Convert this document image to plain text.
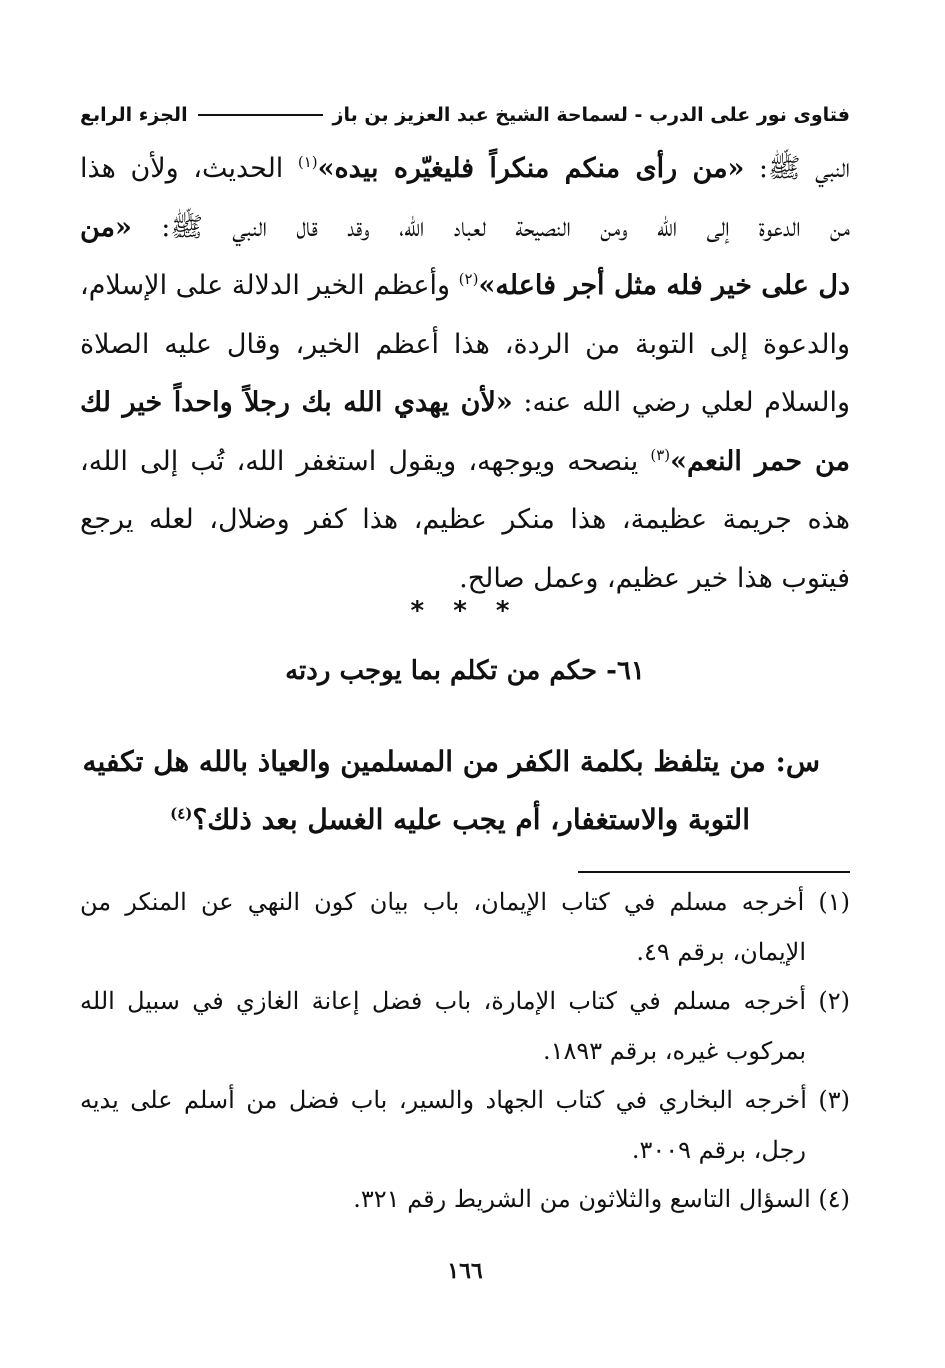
فتاوى نور على الدرب - لسماحة الشيخ عبد العزيز بن باز
الجزء الرابع
النبي ﷺ: «من رأى منكم منكراً فليغيّره بيده»$^{(١)}$ الحديث، ولأن هذا
من الدعوة إلى الله ومن النصيحة لعباد الله، وقد قال النبي ﷺ: «من
دل على خير فله مثل أجر فاعله»$^{(٢)}$ وأعظم الخير الدلالة على الإسلام،
والدعوة إلى التوبة من الردة، هذا أعظم الخير، وقال عليه الصلاة
والسلام لعلي رضي الله عنه: «لأن يهدي الله بك رجلاً واحداً خير لك
من حمر النعم»$^{(٣)}$ ينصحه ويوجهه، ويقول استغفر الله، تُب إلى الله،
هذه جريمة عظيمة، هذا منكر عظيم، هذا كفر وضلال، لعله يرجع
فيتوب هذا خير عظيم، وعمل صالح.
* * *
٦١- حكم من تكلم بما يوجب ردته
س: من يتلفظ بكلمة الكفر من المسلمين والعياذ بالله هل تكفيه
التوبة والاستغفار، أم يجب عليه الغسل بعد ذلك؟$^{(٤)}$
(١) أخرجه مسلم في كتاب الإيمان، باب بيان كون النهي عن المنكر من
الإيمان، برقم ٤٩.
(٢) أخرجه مسلم في كتاب الإمارة، باب فضل إعانة الغازي في سبيل الله
بمركوب غيره، برقم ١٨٩٣.
(٣) أخرجه البخاري في كتاب الجهاد والسير، باب فضل من أسلم على يديه
رجل، برقم ٣٠٠٩.
(٤) السؤال التاسع والثلاثون من الشريط رقم ٣٢١.
١٦٦
